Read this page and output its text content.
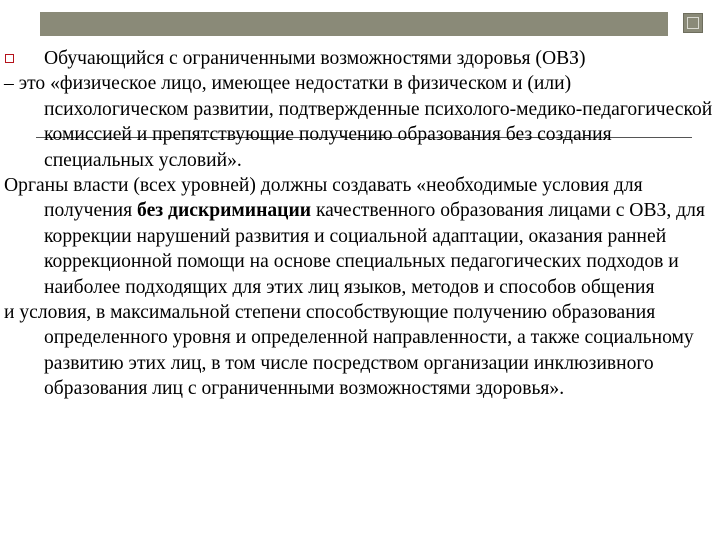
Обучающийся с ограниченными возможностями здоровья (ОВЗ)

– это «физическое лицо, имеющее недостатки в физическом и (или) психологическом развитии, подтвержденные психолого-медико-педагогической комиссией и препятствующие получению образования без создания специальных условий».

Органы власти (всех уровней) должны создавать «необходимые условия для получения без дискриминации качественного образования лицами с ОВЗ, для коррекции нарушений развития и социальной адаптации, оказания ранней коррекционной помощи на основе специальных педагогических подходов и наиболее подходящих для этих лиц языков, методов и способов общения

и условия, в максимальной степени способствующие получению образования определенного уровня и определенной направленности, а также социальному развитию этих лиц, в том числе посредством организации инклюзивного образования лиц с ограниченными возможностями здоровья».
